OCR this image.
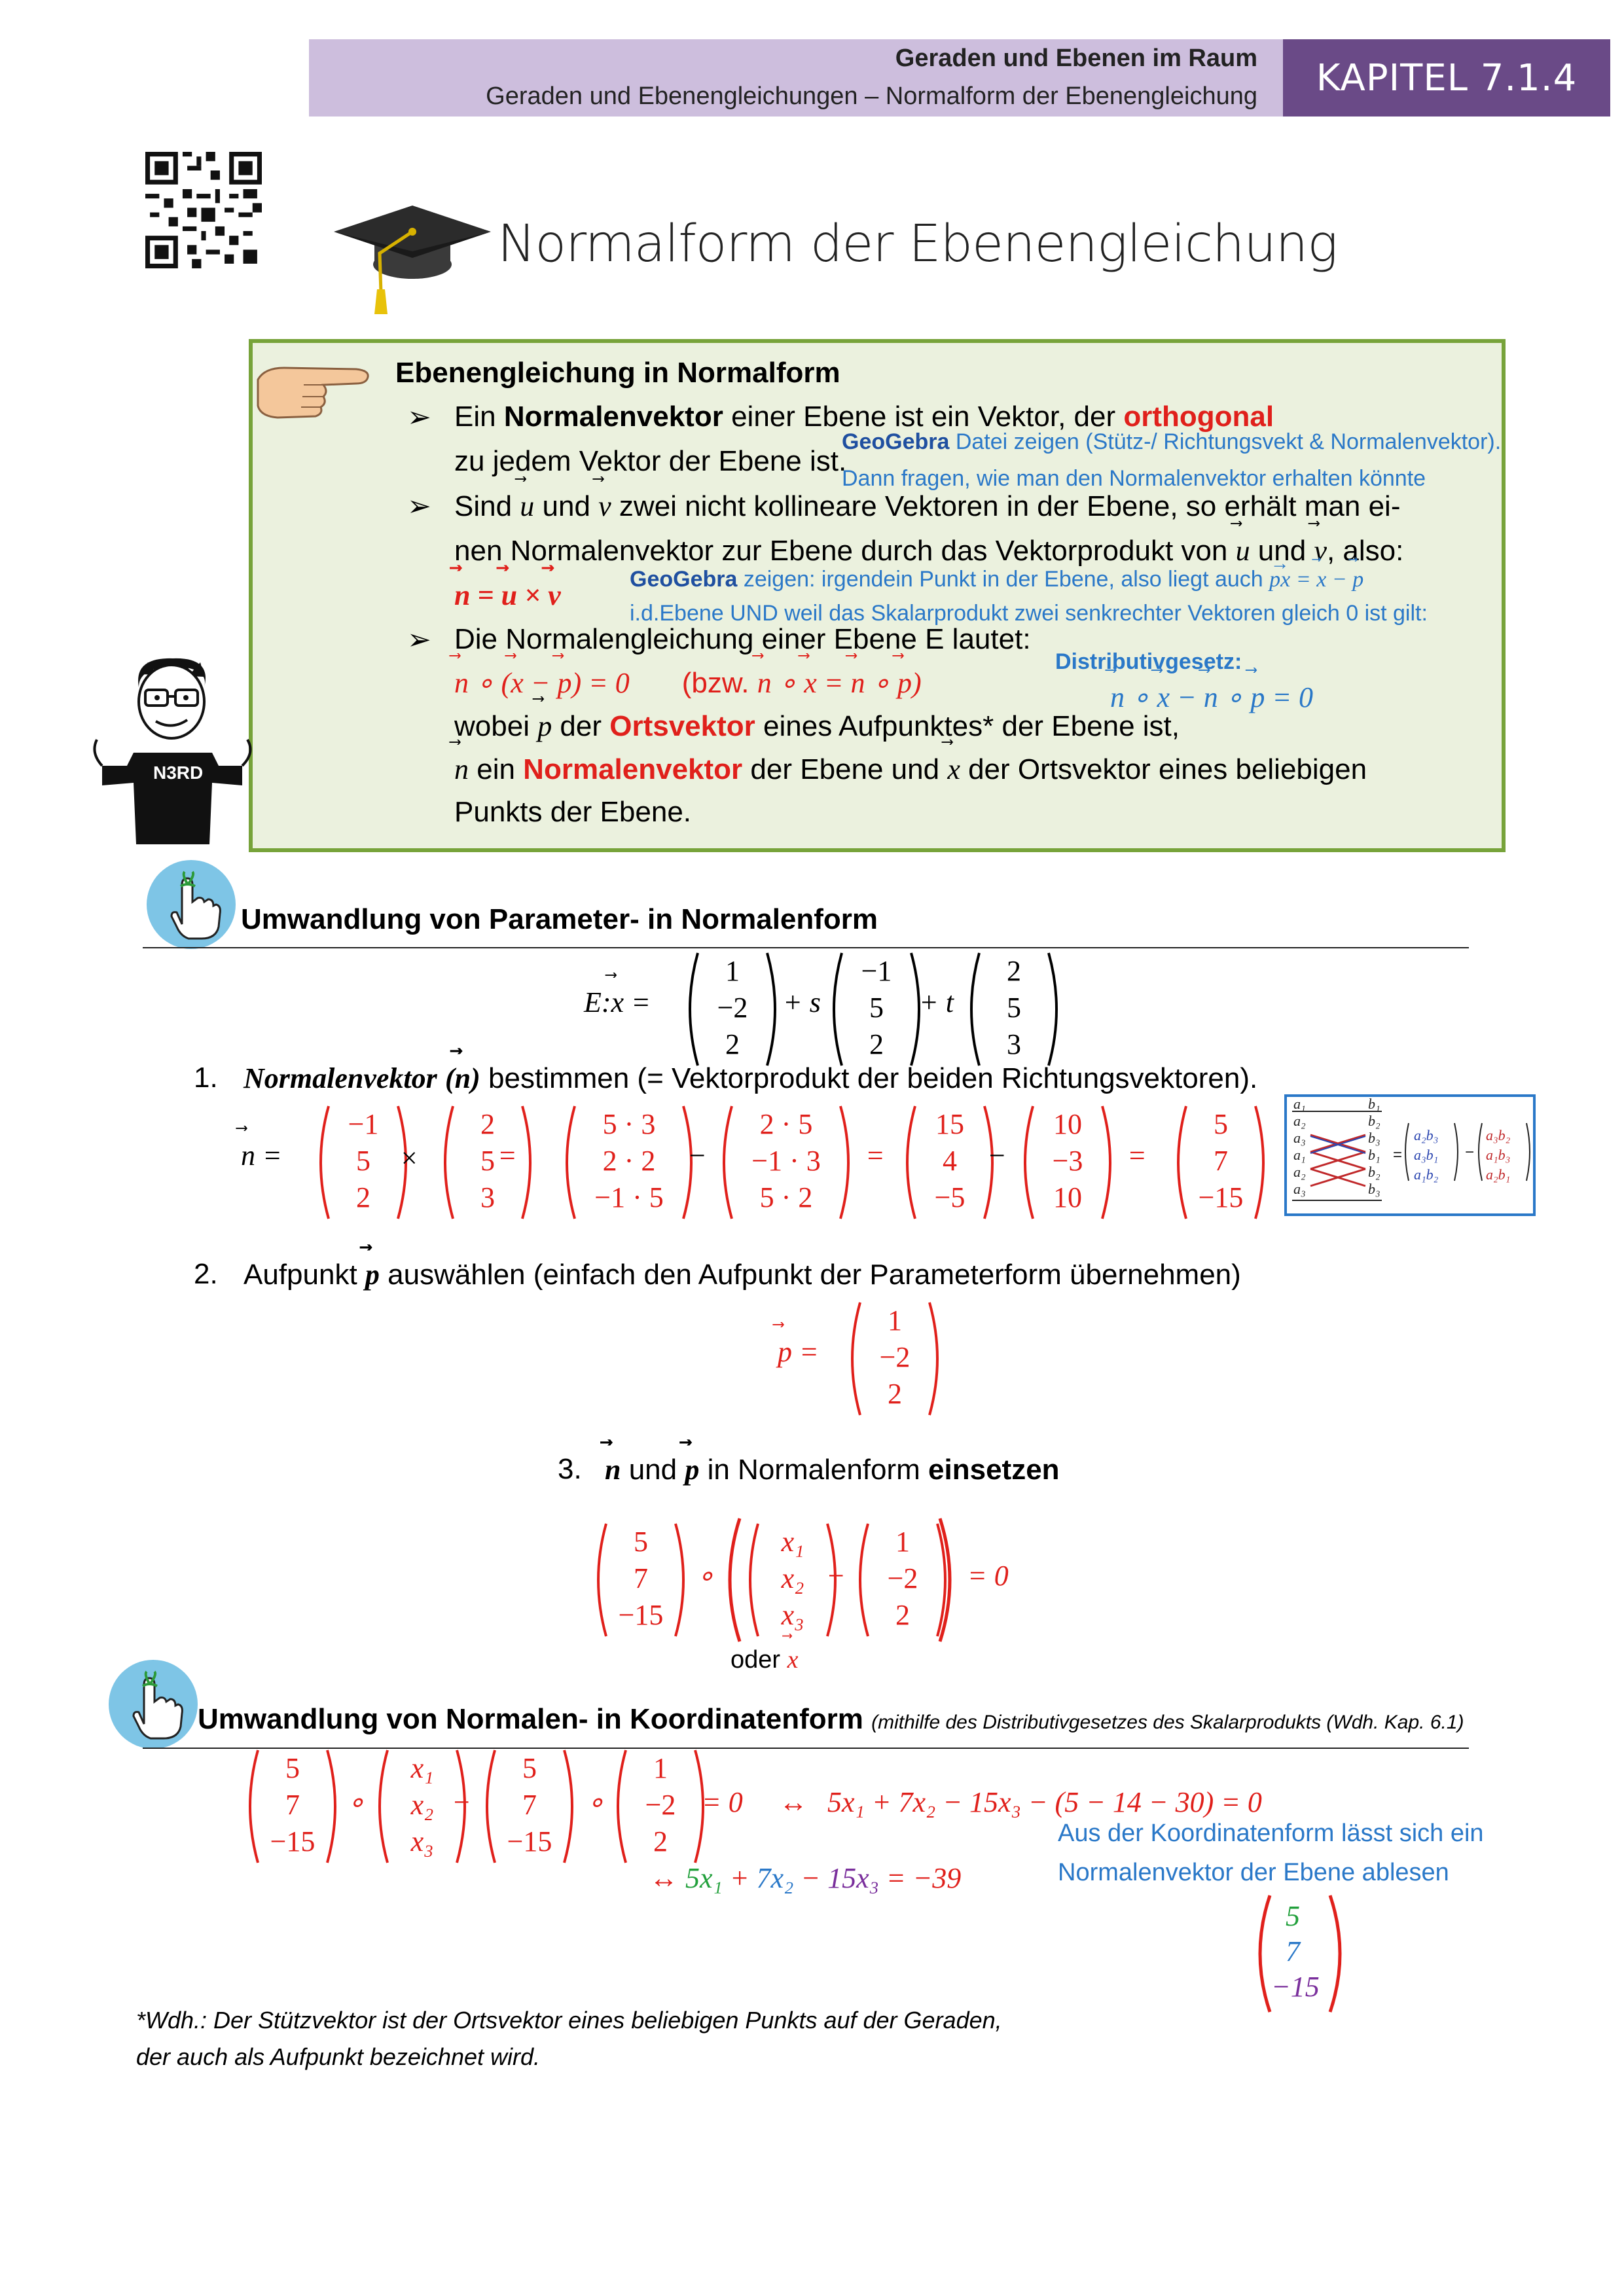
Geraden und Ebenen im Raum
Geraden und Ebenengleichungen – Normalform der Ebenengleichung	KAPITEL 7.1.4
Normalform der Ebenengleichung
Ebenengleichung in Normalform
➢ Ein Normalenvektor einer Ebene ist ein Vektor, der orthogonal
zu jedem Vektor der Ebene ist.
➢ Sind ⃗ u und ⃗ v zwei nicht kollineare Vektoren in der Ebene, so erhält man ei-
nen Normalenvektor zur Ebene durch das Vektorprodukt von ⃗ u und ⃗ v, also:
⃗ n = ⃗ u × ⃗ v
➢ Die Normalengleichung einer Ebene E lautet:
⃗ n ∘ (⃗ x − ⃗ p) = 0 (bzw. ⃗ n ∘ ⃗ x = ⃗ n ∘ ⃗ p)
wobei ⃗ p der Ortsvektor eines Aufpunktes* der Ebene ist,
⃗ n ein Normalenvektor der Ebene und ⃗ x der Ortsvektor eines beliebigen
Punkts der Ebene.
GeoGebra Datei zeigen (Stütz-/ Richtungsvekt & Normalenvektor).
Dann fragen, wie man den Normalenvektor erhalten könnte
GeoGebra zeigen: irgendein Punkt in der Ebene, also liegt auch → px = ⃗ x − ⃗ p
i.d.Ebene UND weil das Skalarprodukt zwei senkrechter Vektoren gleich 0 ist gilt:
Distributivgesetz:
⃗ n ∘ ⃗ x − ⃗ n ∘ ⃗ p = 0
N3RD
Umwandlung von Parameter- in Normalenform
E:⃗ x =
1
−2
2
+ s
−1
5
2
+ t
2
5
3
1. Normalenvektor (⃗ n) bestimmen (= Vektorprodukt der beiden Richtungsvektoren).
⃗ n =
−1
5
2
×
2
5
3
=
5 · 3
2 · 2
−1 · 5
−
2 · 5
−1 · 3
5 · 2
=
15
4
−5
−
10
−3
10
=
5
7
−15
a₁	b₁
a₂	b₂
a₃	b₃
a₁	b₁
a₂	b₂
a₃	b₃
=
a₂b₃
a₃b₁
a₁b₂
−
a₃b₂
a₁b₃
a₂b₁
2. Aufpunkt ⃗ p auswählen (einfach den Aufpunkt der Parameterform übernehmen)
⃗ p =
1
−2
2
3.
⃗ n und ⃗ p in Normalenform einsetzen
5
7
−15
∘
x₁
x₂
x₃
−
1
−2
2
= 0
oder ⃗ x
Umwandlung von Normalen- in Koordinatenform (mithilfe des Distributivgesetzes des Skalarprodukts (Wdh. Kap. 6.1)
5
7
−15
∘
x₁
x₂
x₃
−
5
7
−15
∘
1
−2
2
= 0 ↔ 5x₁ + 7x₂ − 15x₃ − (5 − 14 − 30) = 0
↔ 5x₁ + 7x₂ − 15x₃ = −39
Aus der Koordinatenform lässt sich ein
Normalenvektor der Ebene ablesen
5
7
−15
*Wdh.: Der Stützvektor ist der Ortsvektor eines beliebigen Punkts auf der Geraden,
der auch als Aufpunkt bezeichnet wird.
